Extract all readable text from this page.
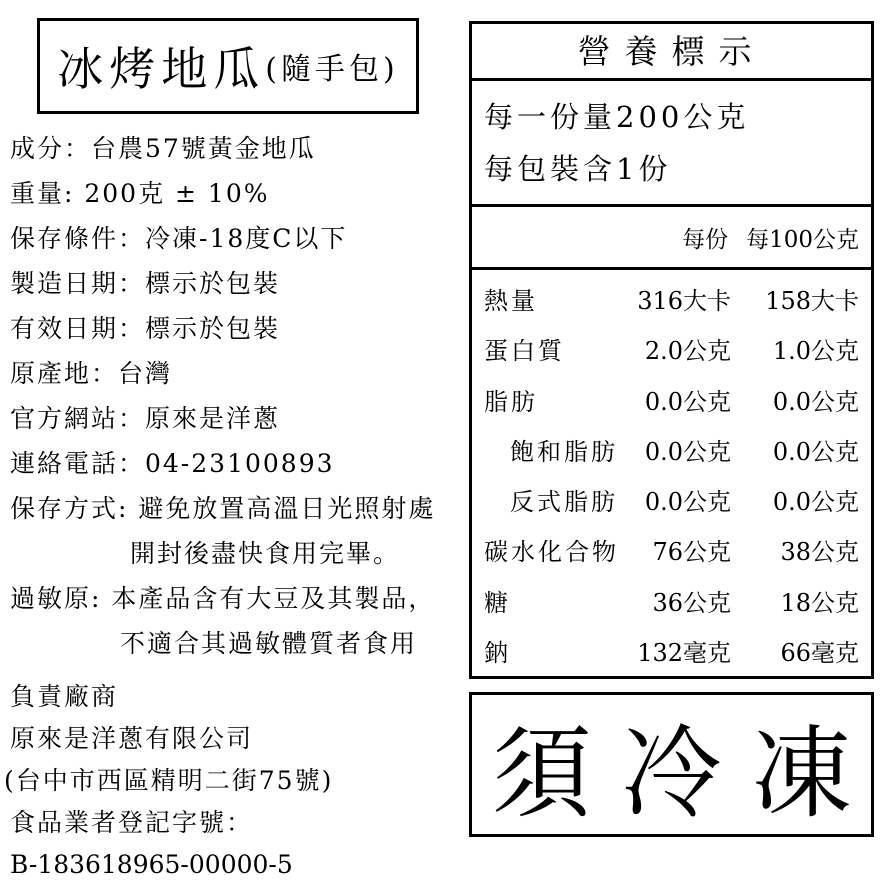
冰烤地瓜 (隨手包)
成分：台農57號黃金地瓜
重量: 200克 ± 10%
保存條件：冷凍-18度C以下
製造日期：標示於包裝
有效日期：標示於包裝
原產地：台灣
官方網站：原來是洋蔥
連絡電話：04-23100893
保存方式: 避免放置高溫日光照射處
開封後盡快食用完畢。
過敏原: 本產品含有大豆及其製品，
不適合其過敏體質者食用
負責廠商
原來是洋蔥有限公司
(台中市西區精明二街75號)
食品業者登記字號：
B-183618965-00000-5
營養標示
每一份量200公克
每包裝含1份
每份 每100公克
熱量	316大卡 158大卡
蛋白質	2.0公克 1.0公克
脂肪	0.0公克 0.0公克
飽和脂肪 0.0公克 0.0公克
反式脂肪 0.0公克 0.0公克
碳水化合物 76公克 38公克
糖	36公克 18公克
鈉	132毫克 66毫克
須冷凍
